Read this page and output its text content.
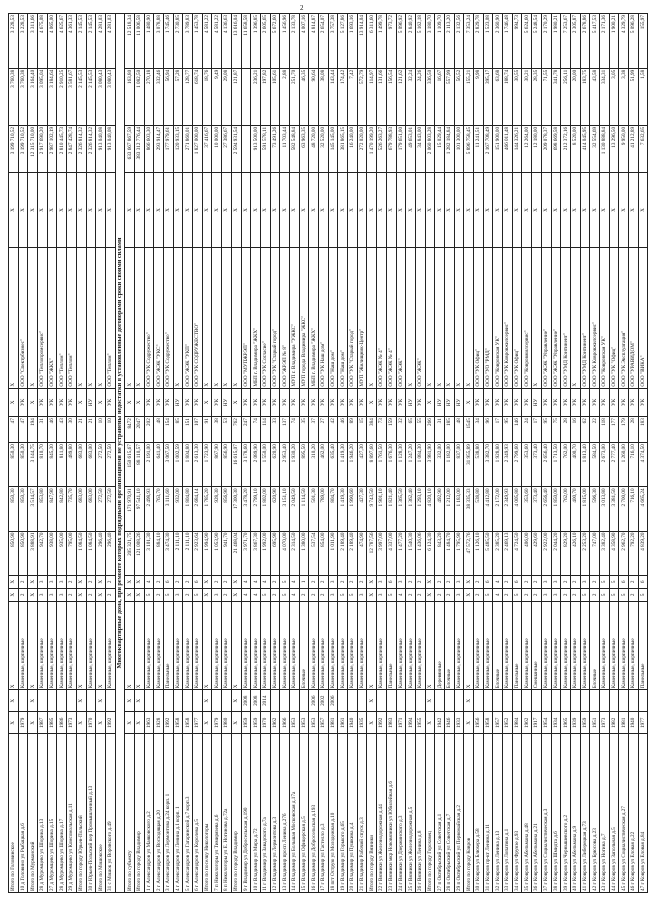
2
Итого по Головинское	X	X	X	X	X	850,90	850,30	850,30	47	X	X	X	3 199 710,52	3 760,38	3 228,53
10 д Головино ул Рыбацкая д.6	1979		Каменные, кирпичные	2	2	850,90	850,30	850,30	47	УК	ООО "Спектрбизнес"	X	3 199 710,52	3 760,38	3 228,53
Итого по Мурманский	X	X	X	X	X	3 888,91	3 514,57	3 144,75	194	X	X	X	12 315 710,00	3 164,40	3 311,66
28 д Муромцево ул Шорина д.13	1987		Каменные, кирпичные	3	3	942,70	853,80	810,70	31	УК	ООО "Теплопромсервис"	X	2 917 690,20	3 095,04	4 675,08
27 д Муромцево ул Шорина д.15	1985		Каменные, кирпичные	3	3	938,00	847,90	845,30	46	УК	ООО "ЖКХ"	X	2 987 102,19	3 184,64	4 065,00
28 д Муромцево ул Шорина д.17	1986		Каменные, кирпичные	3	3	935,00	842,80	811,80	43	УК	ООО "Теплом"	X	2 810 445,73	2 910,25	4 625,67
29 д Муромцево ул Комсомольская д.11	1973		Каменные, кирпичные	2	2	795,00	735,70	489,80	30	УК	ООО "Теплом"	X	2 847 428,74	3 581,67	4 361,33
Итого по городу Юрьев-Польский	X	X	X	X	X	1 084,50	683,00	683,00	21	X	X	X	2 326 814,32	2 145,53	2 145,53
30 г Юрьев-Польский пер Промышленный д.13	1970		Каменные, кирпичные	2	2	1 084,50	683,00	683,00	21	НУ	X	X	2 326 814,32	2 145,53	2 145,53
Итого по Мошокское	X	X	X	X	X	296,40	272,50	272,50	10	X	X	X	913 040,08	3 080,43	4 281,03
31 с Мошок ул Воровского д.49	1992		Каменные, кирпичные	2	2	296,40	272,50	272,50	10	УК	ООО "Теплом"	X	913 040,08	3 080,43	4 281,03
Многоквартирные дома, при ремонте которых подрядными организациями не устранены недостатки в установленные договорами сроки своими силами															
Итого по субъекту	X	X	X	X	X	205 321,75	171 970,91	150 615,67	8472	X	X	X	633 667 867,59	163,80	12 518,34
Итого по городу Владимир	X	X	X	X	X	121 008,26	97 541,10	88 110,57	2047	X	X	X	383 312 776,44	1 082,50	11 006,58
1 г Александров ул Маяковского д.2	1963		Каменные, кирпичные	5	4	3 101,30	2 498,93	2 191,00	202	УК	ООО "УК Содружество"	X	866 603,30	270,18	1 480,90
2 г Александров ул Восходящая д.20	1928		Каменные, кирпичные	2	2	884,10	763,70	641,40	48	УК	ООО "ЖЭК "УКС"	X	293 914,47	332,46	3 078,88
3 г Александров ул Лермонтова д.24 корп. 1	1992		Панельные	5	6	3 474,30	3 111,60	3 067,50	154	УК	ООО "УК Содружество"	X	177 979,61	56,94	1 745,46
4 г Александров ул Ленина д.1 корп. 1	1958		Каменные, кирпичные	3	2	2 111,10	932,00	1 002,59	85	НУ	X	X	120 933,15	57,28	2 730,85
5 г Александров ул Гагаринской д.7 корп.3	1958		Каменные, кирпичные	2	2	2 111,10	1 804,80	1 804,80	151	УК	ООО "ЖЭК "УКП"	X	271 860,01	128,77	3 789,83
6 г Александров ул Королева д.5	1977		Каменные, кирпичные	5	6	2 923,64	2 684,14	2 613,30	107	УК	ООО "УК СОДРУЖЕСТВО"	X	1 827 000,00	618,74	1 453,78
Итого по поселку Никологоры	X	X	X	X	X	1 994,90	1 785,20	1 723,90	91	X	X	X	37 416,67	18,76	4 581,22
7 п Никологоры ул Тимирязева д.6	1979		Каменные, кирпичные	3	2	1 053,90	928,30	867,90	38	УК	X	X	10 000,00	9,49	4 581,22
8 п Никологоры ул Е. Ногинова д.72а	1980		Каменные, кирпичные	2	2	941,70	856,90	856,90	53	НУ	X	X	27 386,67	29,08	4 136,63
Итого по городу Владимир	X	X	X	X	X	21 468,04	17 300,30	16 615,07	762	X	X	X	2 594 931,54	121,87	13 616,04
9 г Владимир ул Добросельская д.190	1959	2008	Каменные, кирпичные	4	4	3 971,70	3 478,20	3 178,60	247	УК	ООО "МУПЖРЭП"	X			11 658,58
10 г Владимир ул Мира д.72	1959	2008	Каменные, кирпичные	4	4	3 867,30	2 799,10	2 089,90	74	УК	МБП г. Владимира "ЖКХ"	X	913 500,00	236,21	1 396,85
11 г Владимир ул Завадского д.7а	1970	2014	Каменные, кирпичные	5	4	1 992,00	1 802,00	1 550,00	114	УК	ООО "УК Согласие"	X	591 578,11	197,82	2 605,65
12 г Владимир ул Лермонтова д.3	1962		Каменные, кирпичные	2	2	695,90	620,90	620,90	33	УК	ООО "УК "Старый город"	X	73 491,26	105,61	5 672,60
13 г Владимир просп Ленина д.27б	1966		Каменные, кирпичные	5	5	4 070,00	3 151,10	2 953,40	137	УК	ООО "ЖРЭП № 8"	X	11 703,44	2,88	1 456,96
14 г Владимир ул Большая Московская д.17а	1953		Каменные, кирпичные	4	4	2 314,50	2 049,50	1 930,20	74	УК	МУП г. Владимира "УЖКС"	X	582 548,84	251,70	2 133,78
15 г Владимир ул Офицерская д.5	1953		Блочные	2	1	1 380,00	1 114,50	895,50	35	УК	МУП города Владимира "ЖКС"	X	63 963,35	46,35	4 007,16
16 г Владимир ул Добросельская д.193	1953	2006	Каменные, кирпичные	2	2	537,54	501,30	310,20	37	УК	МБП г. Владимира "ЖКХ"	X	48 720,00	90,64	4 814,87
17 г Владимир ул Гастелло д.3	1957	2002	Каменные, кирпичные	2	2	854,00	789,00	462,00	27	УК	ООО "УК Наш дом"	X	32 520,00	38,08	2 654,07
18 пгт Острую ул Молодежная д.10	1981	2006	Каменные, кирпичные	3	3	1 011,90	804,70	635,40	42	УК	ООО "Наш дом"	X	145 145,00	143,44	3 757,38
19 г Владимир ул Горького д.65	1961		Каменные, кирпичные	5	2	2 189,40	1 419,30	1 419,30	46	УК	ООО "Наш дом"	X	381 865,15	174,42	5 127,86
20 г Владимир ул Пушкина д.4	1940		Каменные, кирпичные	5	2	2 189,40	1 990,60	1 946,20	89	УК	ООО "УК "Старый город"	X	16 240,00	7,42	1 693,16
21 г Владимир Рабочий спуск д.3	1935		Каменные, кирпичные	3	2	474,90	427,30	427,30	15	УК	МУП "Жилищник-Центр"	X	272 020,00	572,79	13 914,04
Итого по городу Вязники	X	X	X	X	X	12 787,56	9 743,50	8 897,60	384	X	X	X	1 470 199,20	114,97	6 311,60
22 г Вязники ул Железнодорожная д.44	1992		Каменные, кирпичные	3	3	3 997,00	1 901,10	1 761,50	73	УК	ООО "ЖЭК № 4"	X	526 263,27	131,66	1 499,78
23 г Вязники мкр Нововязники ул Юбилейная д.6	1983		Панельные	5	6	4 337,00	1 821,40	1 676,30	159	УК	ООО "ЖЭК № 4"	X	679 788,93	156,54	973,72
24 г Вязники ул Дзержинского д.3	1971		Каменные, кирпичные	4	3	1 477,20	1 365,50	1 128,30	32	УК	ООО "ЖЭК"	X	179 651,00	121,62	5 096,92
25 г Вязники ул Железнодорожная д.5	1994		Каменные, кирпичные	2	2	1 540,30	1 362,40	1 247,20	65	НУ	X	X	49 653,01	32,24	2 840,92
26 г Вязники ул Ленина д.8	1955		Каменные, кирпичные	2	2	1 436,06	1 293,10	1 084,30	55	УК	ООО "ЖЭК"	X	34 843,00	24,26	5 162,18
Итого по городу Гороховец	X	X	X	X	X	6 124,30	4 820,10	3 981,90	266	X	X	X	2 060 803,28	336,50	3 180,70
27 п Октябрьский ул Советская д.1	1942		Деревянные	2	2	843,20	492,90	332,00	31	НУ	X	X	15 029,44	16,67	1 109,70
28 п Октябрьский ул Советская д.7	1946		Блочные	2	2	1 484,70	1 212,00	1 182,00	185	НУ	X	X	1 282 184,84	557,99	2 113,20
29 п Октябрьский ул Первомайская д.2	1933		Каменные, кирпичные	3	3	1 795,90	1 183,00	837,00	48	НУ	X	X	101 300,00	56,52	2 132,56
Итого по городу Ковров	X	X	X	X	X	47 572,76	38 335,33	31 955,89	1545	X	X	X	5 896 758,45	155,21	7 353,24
30 г Ковров ул Блюхера д.58	1956		Каменные, кирпичные	2	2	1 126,10	538,80	538,80	34	УК	ООО "УК Офиц"	X	11 241,51	9,98	2 829,78
31 г Ковров пр-кт Ленина д.11	1958		Каменные, кирпичные	5	6	5 485,50	4 412,80	3 382,70	96	УК	ООО "УО "РМД"	X	2 167 708,49	395,17	1 523,08
32 г Ковров ул Ленина д.13	1957		Блочные	4	4	2 385,20	2 172,00	1 928,80	17	УК	ООО "Ковровская УК"	X	151 900,00	63,68	2 360,90
33 г Ковров ул Лопатина д.1	1952		Каменные, кирпичные	2	2	2 469,13	2 349,93	2 349,93	95	УК	ООО "УК Ковровжилсервис"	X	466 011,48	188,74	1 746,48
34 г Ковров ул Фрунзе д.93	1984		Панельные	5	6	4 724,50	4 005,80	2 799,60	146	УК	ООО "УК Офиц"	X	144 326,21	30,55	994,73
35 г Ковров ул Абельмана д.48	1962		Каменные, кирпичные	2	2	406,00	353,60	353,60	24	УК	ООО "Ковровжилсервис"	X	12 264,00	30,21	5 624,60
36 г Ковров ул Абельмана д.21	1917		Смешанные	2	2	429,60	373,40	373,40	17	НУ	X	X	12 180,00	28,35	5 248,54
37 г Ковров ул Социалистическая д.3	1954		Каменные, кирпичные	3	3	2 922,00	2 656,40	2 656,40	95	УК	ООО "ЖЭК "Управление"	X	209 078,37	71,55	2 170,29
38 г Ковров ул Шмидта д.6	1934		Каменные, кирпичные	3	3	2 044,20	1 850,00	1 713,50	75	УК	ООО "ЖЭК "Управление"	X	698 669,58	341,78	1 980,21
39 г Ковров ул Чернышевского д.2	1965		Каменные, кирпичные	2	2	829,20	762,00	762,00	28	УК	ООО "УМД Континент"	X	212 372,16	256,11	7 253,67
40 г Ковров ул Абельмана д.9	1939		Каменные, кирпичные	2	2	426,10	400,70	400,70	16	УК	X	X	8 520,00	20,00	2 305,87
41 г Ковров ул Либерецкая д.73	1959		Каменные, кирпичные	5	3	2 253,20	1 815,00	1 813,40	62	УК	ООО "УМД Континент"	X	414 045,95	183,75	2 678,86
42 г Ковров ул Брюсова д.23	1951		Блочные	2	2	747,00	596,30	584,50	22	УК	ООО "УК Ковровжилсервис"	X	32 554,69	43,58	5 417,53
43 г Ковров ул Ногина д.7	1973		Каменные, кирпичные	5	5	3 382,40	3 013,80	2 673,00	118	УК	ООО "Ковровская УК"	X	1 130 888,84	334,31	2 171,36
44 г Ковров ул Запольная д.5	1982		Каменные, кирпичные	5	5	4 358,90	3 381,50	2 777,40	177	УК	ООО "УК "Офиц"	X	13 296,50	3,05	1 900,21
45 г Ковров ул Социалистическая д.27	1981		Каменные, кирпичные	5	6	2 962,70	2 700,00	1 260,00	179	УК	ООО "УК Эксплуатация"	X	9 950,00	3,38	4 329,79
46 г Ковров ул Еловая д.22	1940		Каменные, кирпичные	2	2	792,20	716,10	716,10	28	УК	ООО "УРАВИДОМ"	X	41 212,89	51,99	5 096,28
47 г Ковров ул Еловая д.84	1977		Панельные	5	6	4 839,20	4 665,24	4 374,50	183	УК	ООО "ВИКА"	X	7 632,65	1,58	155,97
